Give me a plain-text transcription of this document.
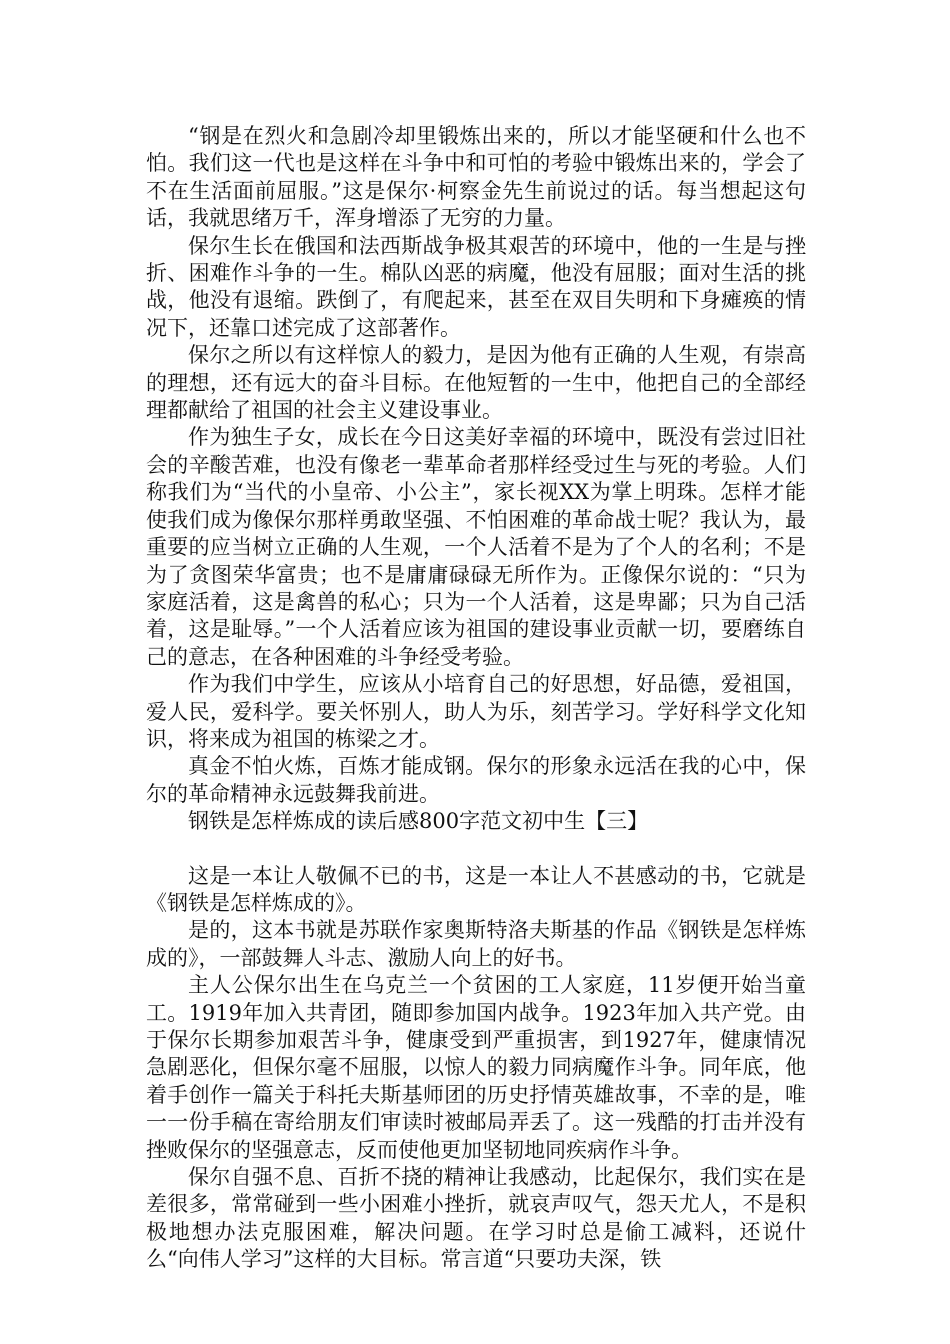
“钢是在烈火和急剧冷却里锻炼出来的，所以才能坚硬和什么也不怕。我们这一代也是这样在斗争中和可怕的考验中锻炼出来的，学会了不在生活面前屈服。”这是保尔·柯察金先生前说过的话。每当想起这句话，我就思绪万千，浑身增添了无穷的力量。

保尔生长在俄国和法西斯战争极其艰苦的环境中，他的一生是与挫折、困难作斗争的一生。棉队凶恶的病魔，他没有屈服；面对生活的挑战，他没有退缩。跌倒了，有爬起来，甚至在双目失明和下身瘫痪的情况下，还靠口述完成了这部著作。

保尔之所以有这样惊人的毅力，是因为他有正确的人生观，有崇高的理想，还有远大的奋斗目标。在他短暂的一生中，他把自己的全部经理都献给了祖国的社会主义建设事业。

作为独生子女，成长在今日这美好幸福的环境中，既没有尝过旧社会的辛酸苦难，也没有像老一辈革命者那样经受过生与死的考验。人们称我们为“当代的小皇帝、小公主”，家长视XX为掌上明珠。怎样才能使我们成为像保尔那样勇敢坚强、不怕困难的革命战士呢？我认为，最重要的应当树立正确的人生观，一个人活着不是为了个人的名利；不是为了贪图荣华富贵；也不是庸庸碌碌无所作为。正像保尔说的：“只为家庭活着，这是禽兽的私心；只为一个人活着，这是卑鄙；只为自己活着，这是耻辱。”一个人活着应该为祖国的建设事业贡献一切，要磨练自己的意志，在各种困难的斗争经受考验。

作为我们中学生，应该从小培育自己的好思想，好品德，爱祖国，爱人民，爱科学。要关怀别人，助人为乐，刻苦学习。学好科学文化知识，将来成为祖国的栋梁之才。

真金不怕火炼，百炼才能成钢。保尔的形象永远活在我的心中，保尔的革命精神永远鼓舞我前进。

钢铁是怎样炼成的读后感800字范文初中生【三】

这是一本让人敬佩不已的书，这是一本让人不甚感动的书，它就是《钢铁是怎样炼成的》。

是的，这本书就是苏联作家奥斯特洛夫斯基的作品《钢铁是怎样炼成的》，一部鼓舞人斗志、激励人向上的好书。

主人公保尔出生在乌克兰一个贫困的工人家庭，11岁便开始当童工。1919年加入共青团，随即参加国内战争。1923年加入共产党。由于保尔长期参加艰苦斗争，健康受到严重损害，到1927年，健康情况急剧恶化，但保尔毫不屈服，以惊人的毅力同病魔作斗争。同年底，他着手创作一篇关于科托夫斯基师团的历史抒情英雄故事，不幸的是，唯一一份手稿在寄给朋友们审读时被邮局弄丢了。这一残酷的打击并没有挫败保尔的坚强意志，反而使他更加坚韧地同疾病作斗争。

保尔自强不息、百折不挠的精神让我感动，比起保尔，我们实在是差很多，常常碰到一些小困难小挫折，就哀声叹气，怨天尤人，不是积极地想办法克服困难，解决问题。在学习时总是偷工减料，还说什么“向伟人学习”这样的大目标。常言道“只要功夫深，铁
